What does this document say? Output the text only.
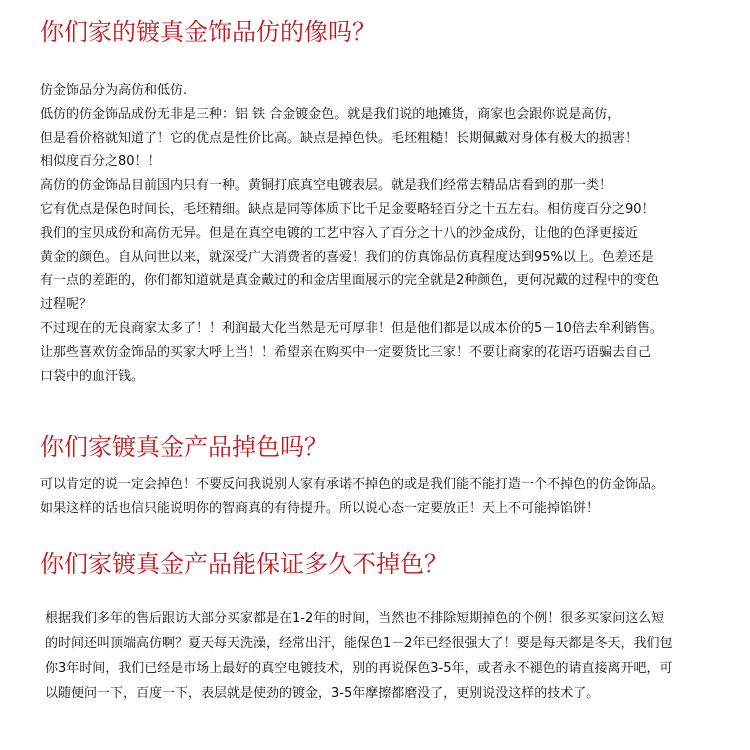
你们家的镀真金饰品仿的像吗？
仿金饰品分为高仿和低仿.
低仿的仿金饰品成份无非是三种：铝 铁 合金镀金色。就是我们说的地摊货，商家也会跟你说是高仿，
但是看价格就知道了！它的优点是性价比高。缺点是掉色快。毛坯粗糙！长期佩戴对身体有极大的损害！
相似度百分之80！！
高仿的仿金饰品目前国内只有一种。黄铜打底真空电镀表层。就是我们经常去精品店看到的那一类！
它有优点是保色时间长，毛坯精细。缺点是同等体质下比千足金要略轻百分之十五左右。相仿度百分之90！
我们的宝贝成份和高仿无异。但是在真空电镀的工艺中容入了百分之十八的沙金成份，让他的色泽更接近
黄金的颜色。自从问世以来，就深受广大消费者的喜爱！我们的仿真饰品仿真程度达到95%以上。色差还是
有一点的差距的，你们都知道就是真金戴过的和金店里面展示的完全就是2种颜色，更何况戴的过程中的变色
过程呢？
不过现在的无良商家太多了！！利润最大化当然是无可厚非！但是他们都是以成本价的5－10倍去牟利销售。
让那些喜欢仿金饰品的买家大呼上当！！希望亲在购买中一定要货比三家！不要让商家的花语巧语骗去自己
口袋中的血汗钱。
你们家镀真金产品掉色吗？
可以肯定的说一定会掉色！不要反问我说别人家有承诺不掉色的或是我们能不能打造一个不掉色的仿金饰品。
如果这样的话也信只能说明你的智商真的有待提升。所以说心态一定要放正！天上不可能掉馅饼！
你们家镀真金产品能保证多久不掉色？
根据我们多年的售后跟访大部分买家都是在1-2年的时间，当然也不排除短期掉色的个例！很多买家问这么短
的时间还叫顶端高仿啊？夏天每天洗澡，经常出汗，能保色1－2年已经很强大了！要是每天都是冬天，我们包
你3年时间，我们已经是市场上最好的真空电镀技术，别的再说保色3-5年，或者永不褪色的请直接离开吧，可
以随便问一下，百度一下，表层就是使劲的镀金，3-5年摩擦都磨没了，更别说没这样的技术了。
